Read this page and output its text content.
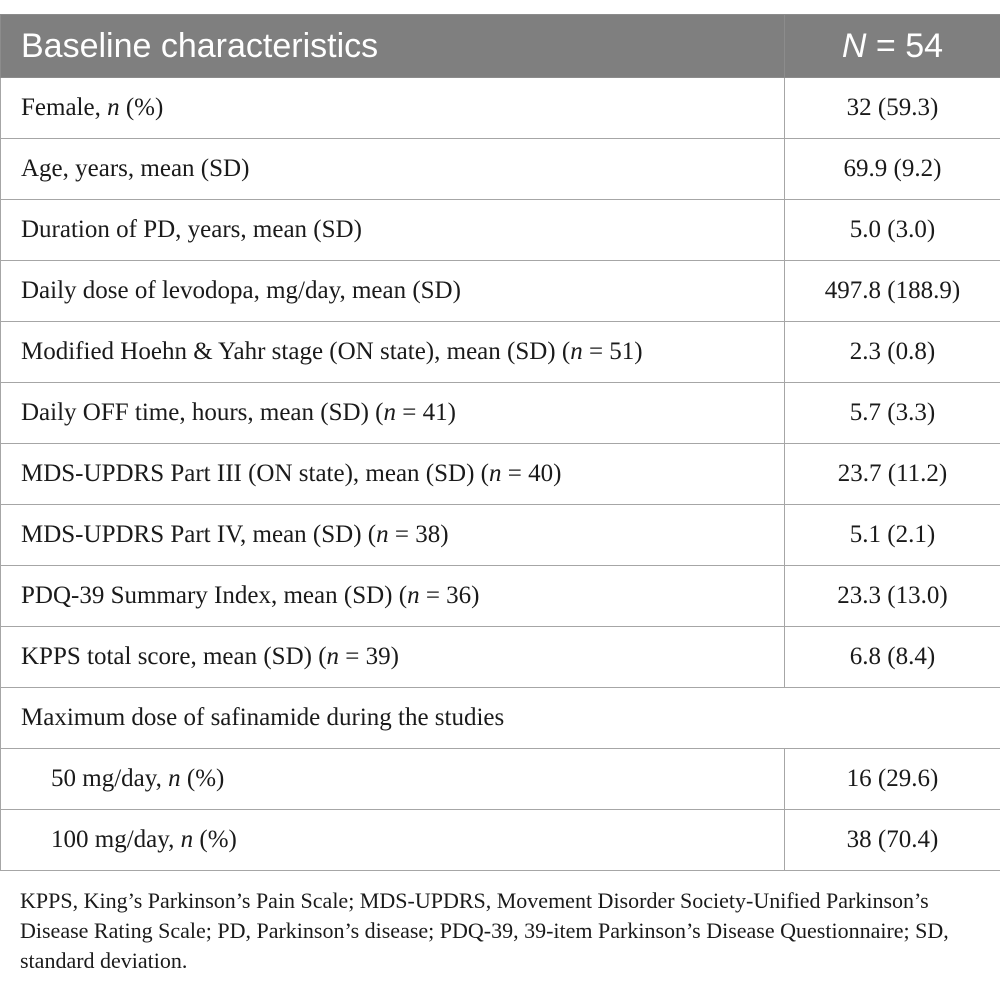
Baseline characteristics	N = 54
Female, n (%)	32 (59.3)
Age, years, mean (SD)	69.9 (9.2)
Duration of PD, years, mean (SD)	5.0 (3.0)
Daily dose of levodopa, mg/day, mean (SD)	497.8 (188.9)
Modified Hoehn & Yahr stage (ON state), mean (SD) (n = 51)	2.3 (0.8)
Daily OFF time, hours, mean (SD) (n = 41)	5.7 (3.3)
MDS-UPDRS Part III (ON state), mean (SD) (n = 40)	23.7 (11.2)
MDS-UPDRS Part IV, mean (SD) (n = 38)	5.1 (2.1)
PDQ-39 Summary Index, mean (SD) (n = 36)	23.3 (13.0)
KPPS total score, mean (SD) (n = 39)	6.8 (8.4)
Maximum dose of safinamide during the studies	
50 mg/day, n (%)	16 (29.6)
100 mg/day, n (%)	38 (70.4)

KPPS, King’s Parkinson’s Pain Scale; MDS-UPDRS, Movement Disorder Society-Unified Parkinson’s Disease Rating Scale; PD, Parkinson’s disease; PDQ-39, 39-item Parkinson’s Disease Questionnaire; SD, standard deviation.
